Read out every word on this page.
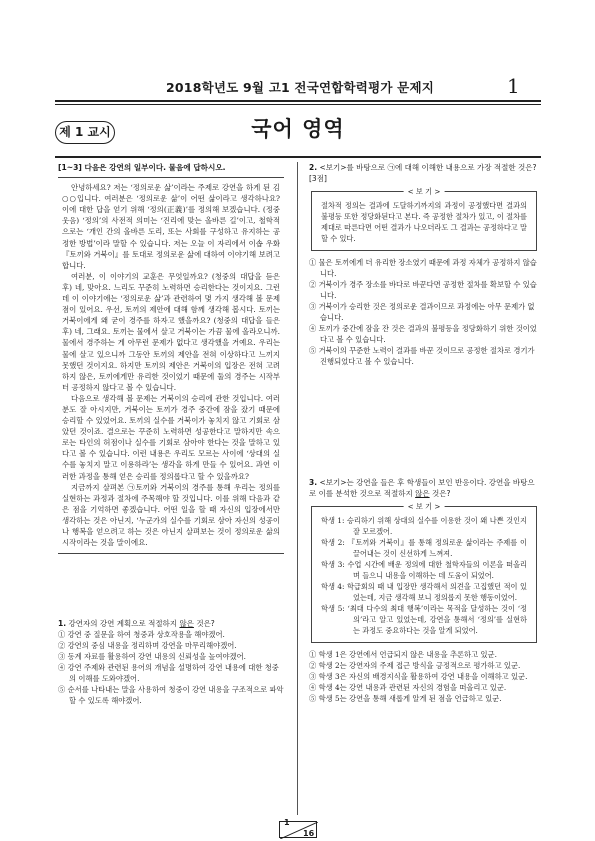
2018학년도 9월 고1 전국연합학력평가 문제지	1
제 1 교시	국어 영역
[1~3] 다음은 강연의 일부이다. 물음에 답하시오.

안녕하세요? 저는 ‘정의로운 삶’이라는 주제로 강연을 하게 된 김○○입니다. 여러분은 ‘정의로운 삶’이 어떤 삶이라고 생각하나요? 이에 대한 답을 얻기 위해 ‘정의(正義)’를 정의해 보겠습니다. (정중 웃음) ‘정의’의 사전적 의미는 ‘진리에 맞는 올바른 길’이고, 철학적으로는 ‘개인 간의 올바른 도리, 또는 사회를 구성하고 유지하는 공정한 방법’이라 말할 수 있습니다. 저는 오늘 이 자리에서 이솝 우화 『토끼와 거북이』를 토대로 정의로운 삶에 대하여 이야기해 보려고 합니다.

여러분, 이 이야기의 교훈은 무엇일까요? (청중의 대답을 듣은 후) 네, 맞아요. 느리도 꾸준히 노력하면 승리한다는 것이지요. 그런데 이 이야기에는 ‘정의로운 삶’과 관련하여 몇 가지 생각해 볼 문제점이 있어요. 우선, 토끼의 제안에 대해 함께 생각해 봅시다. 토끼는 거북이에게 왜 굳이 경주를 하자고 했을까요? (청중의 대답을 들은 후) 네, 그래요. 토끼는 물에서 살고 거북이는 가끔 물에 올라오니까. 물에서 경주하는 게 아무런 문제가 없다고 생각했을 거예요. 우리는 물에 살고 있으니까 그동안 토끼의 제안을 전혀 이상하다고 느끼지 못했던 것이지요. 하지만 토끼의 제안은 거북이의 입장은 전혀 고려하지 않은, 토끼에게만 유리한 것이었기 때문에 둘의 경주는 시작부터 공정하지 않다고 볼 수 있습니다.

다음으로 생각해 볼 문제는 거북이의 승리에 관한 것입니다. 여러분도 잘 아시지만, 거북이는 토끼가 경주 중간에 잠을 잤기 때문에 승리할 수 있었어요. 토끼의 실수를 거북이가 놓치지 않고 기회로 삼았던 것이죠. 결으로는 꾸준히 노력하면 성공한다고 말하지만 속으로는 타인의 허점이나 실수를 기회로 삼아야 한다는 것을 말하고 있다고 볼 수 있습니다. 이런 내용은 우리도 모르는 사이에 ‘상대의 실수를 놓치지 말고 이용하라’는 생각을 하게 만들 수 있어요. 과연 이러한 과정을 통해 얻은 승리를 정의롭다고 할 수 있을까요?

지금까지 살펴본 ㉠토끼와 거북이의 경주를 통해 우리는 정의를 실현하는 과정과 절차에 주목해야 할 것입니다. 이를 위해 다음과 같은 점을 기억하면 좋겠습니다. 어떤 일을 할 때 자신의 입장에서만 생각하는 것은 아닌지, ‘누군가의 실수를 기회로 삼아 자신의 성공이나 행복을 얻으려고 하는 것은 아닌지 살펴보는 것이 정의로운 삶의 시작이라는 것을 말이에요.

1. 강연자의 강연 계획으로 적절하지 않은 것은?
① 강연 중 질문을 하여 청중과 상호작용을 해야겠어.
② 강연의 중심 내용을 정리하며 강연을 마무리해야겠어.
③ 동계 자료를 활용하여 강연 내용의 신뢰성을 높여야겠어.
④ 강연 주제와 관련된 용어의 개념을 설명하여 강연 내용에 대한 청중의 이해를 도와야겠어.
⑤ 순서를 나타내는 말을 사용하여 청중이 강연 내용을 구조적으로 파악할 수 있도록 해야겠어.
2. <보기>를 바탕으로 ㉠에 대해 이해한 내용으로 가장 적절한 것은? [3점]
< 보 기 >
절차적 정의는 결과에 도달하기까지의 과정이 공정했다면 결과의 불평등 또한 정당화된다고 본다. 즉 공정한 절차가 있고, 이 절차를 제대로 따른다면 어떤 결과가 나오더라도 그 결과는 공정하다고 말할 수 있다.
① 물은 토끼에게 더 유리한 장소였기 때문에 과정 자체가 공정하지 않습니다.
② 거북이가 경주 장소를 바다로 바꾼다면 공정한 절차를 확보할 수 있습니다.
③ 거북이가 승리한 것은 정의로운 결과이므로 과정에는 아무 문제가 없습니다.
④ 토끼가 중간에 잠을 잔 것은 결과의 불평등을 정당화하기 위한 것이었다고 볼 수 있습니다.
⑤ 거북이의 꾸준한 노력이 결과를 바꾼 것이므로 공정한 절차로 경기가 진행되었다고 볼 수 있습니다.
3. <보기>는 강연을 들은 후 학생들이 보인 반응이다. 강연을 바탕으로 이를 분석한 것으로 적절하지 않은 것은?
< 보 기 >
학생 1: 승리하기 위해 상대의 실수를 이용한 것이 왜 나쁜 것인지 잘 모르겠어.
학생 2: 『토끼와 거북이』를 통해 정의로운 삶이라는 주제를 이끌어내는 것이 신선하게 느껴져.
학생 3: 수업 시간에 배운 정의에 대한 철학자들의 이론을 떠올리며 들으니 내용을 이해하는 데 도움이 되었어.
학생 4: 학급회의 때 내 입장만 생각해서 의견을 고집했던 적이 있었는데, 지금 생각해 보니 정의롭지 못한 행동이었어.
학생 5: ‘최대 다수의 최대 행복’이라는 목적을 달성하는 것이 ‘정의’라고 알고 있었는데, 강연을 통해서 ‘정의’를 실현하는 과정도 중요하다는 것을 알게 되었어.
① 학생 1은 강연에서 언급되지 않은 내용을 추론하고 있군.
② 학생 2는 강연자의 주제 접근 방식을 긍정적으로 평가하고 있군.
③ 학생 3은 자신의 배경지식을 활용하여 강연 내용을 이해하고 있군.
④ 학생 4는 강연 내용과 관련된 자신의 경험을 떠올리고 있군.
⑤ 학생 5는 강연을 통해 새롭게 알게 된 점을 언급하고 있군.
1
16
